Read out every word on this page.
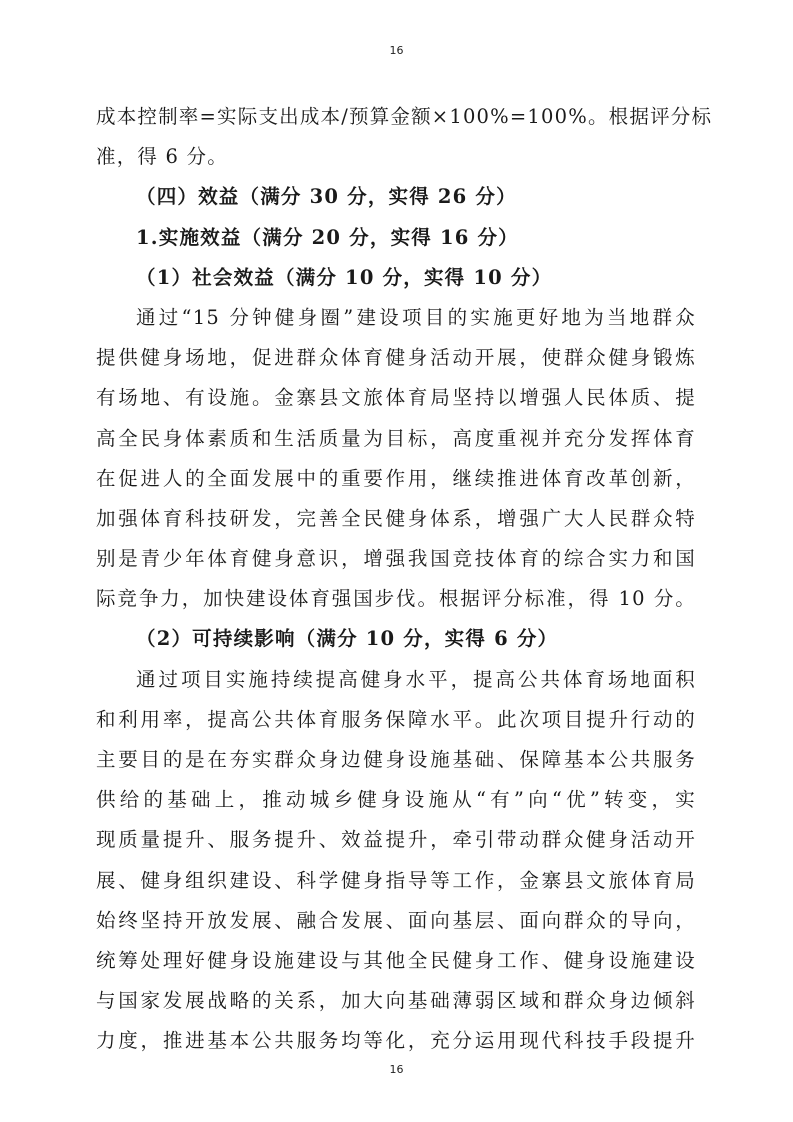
16
成本控制率=实际支出成本/预算金额×100%=100%。根据评分标
准，得 6 分。
（四）效益（满分 30 分，实得 26 分）
1.实施效益（满分 20 分，实得 16 分）
（1）社会效益（满分 10 分，实得 10 分）
通过“15 分钟健身圈”建设项目的实施更好地为当地群众
提供健身场地，促进群众体育健身活动开展，使群众健身锻炼
有场地、有设施。金寨县文旅体育局坚持以增强人民体质、提
高全民身体素质和生活质量为目标，高度重视并充分发挥体育
在促进人的全面发展中的重要作用，继续推进体育改革创新，
加强体育科技研发，完善全民健身体系，增强广大人民群众特
别是青少年体育健身意识，增强我国竞技体育的综合实力和国
际竞争力，加快建设体育强国步伐。根据评分标准，得 10 分。
（2）可持续影响（满分 10 分，实得 6 分）
通过项目实施持续提高健身水平，提高公共体育场地面积
和利用率，提高公共体育服务保障水平。此次项目提升行动的
主要目的是在夯实群众身边健身设施基础、保障基本公共服务
供给的基础上，推动城乡健身设施从“有”向“优”转变，实
现质量提升、服务提升、效益提升，牵引带动群众健身活动开
展、健身组织建设、科学健身指导等工作，金寨县文旅体育局
始终坚持开放发展、融合发展、面向基层、面向群众的导向，
统筹处理好健身设施建设与其他全民健身工作、健身设施建设
与国家发展战略的关系，加大向基础薄弱区域和群众身边倾斜
力度，推进基本公共服务均等化，充分运用现代科技手段提升
16
